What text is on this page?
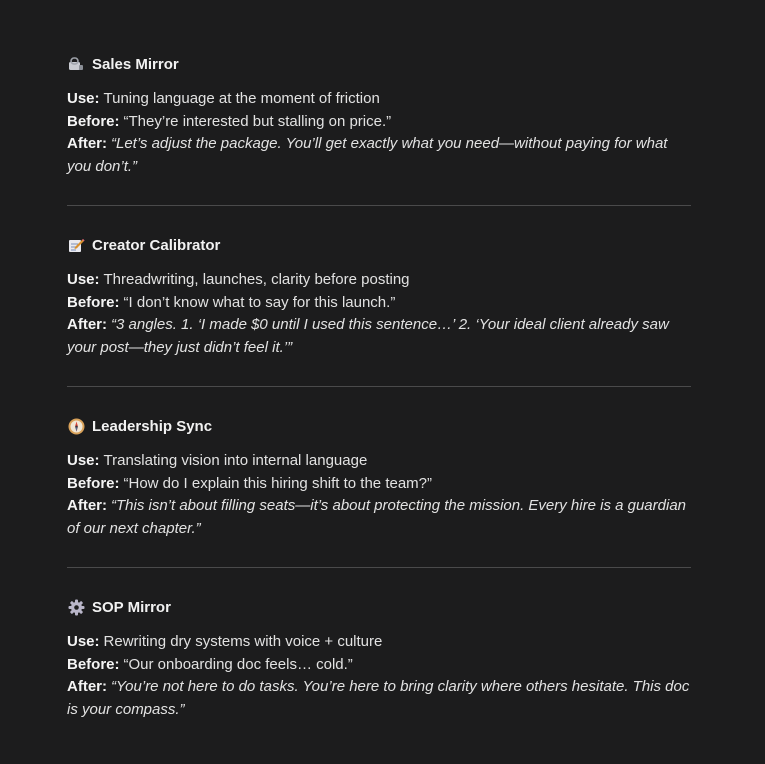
Sales Mirror
Use: Tuning language at the moment of friction
Before: “They’re interested but stalling on price.”
After: “Let’s adjust the package. You’ll get exactly what you need—without paying for what you don’t.”
Creator Calibrator
Use: Threadwriting, launches, clarity before posting
Before: “I don’t know what to say for this launch.”
After: “3 angles. 1. ‘I made $0 until I used this sentence…’ 2. ‘Your ideal client already saw your post—they just didn’t feel it.’”
Leadership Sync
Use: Translating vision into internal language
Before: “How do I explain this hiring shift to the team?”
After: “This isn’t about filling seats—it’s about protecting the mission. Every hire is a guardian of our next chapter.”
SOP Mirror
Use: Rewriting dry systems with voice + culture
Before: “Our onboarding doc feels… cold.”
After: “You’re not here to do tasks. You’re here to bring clarity where others hesitate. This doc is your compass.”
